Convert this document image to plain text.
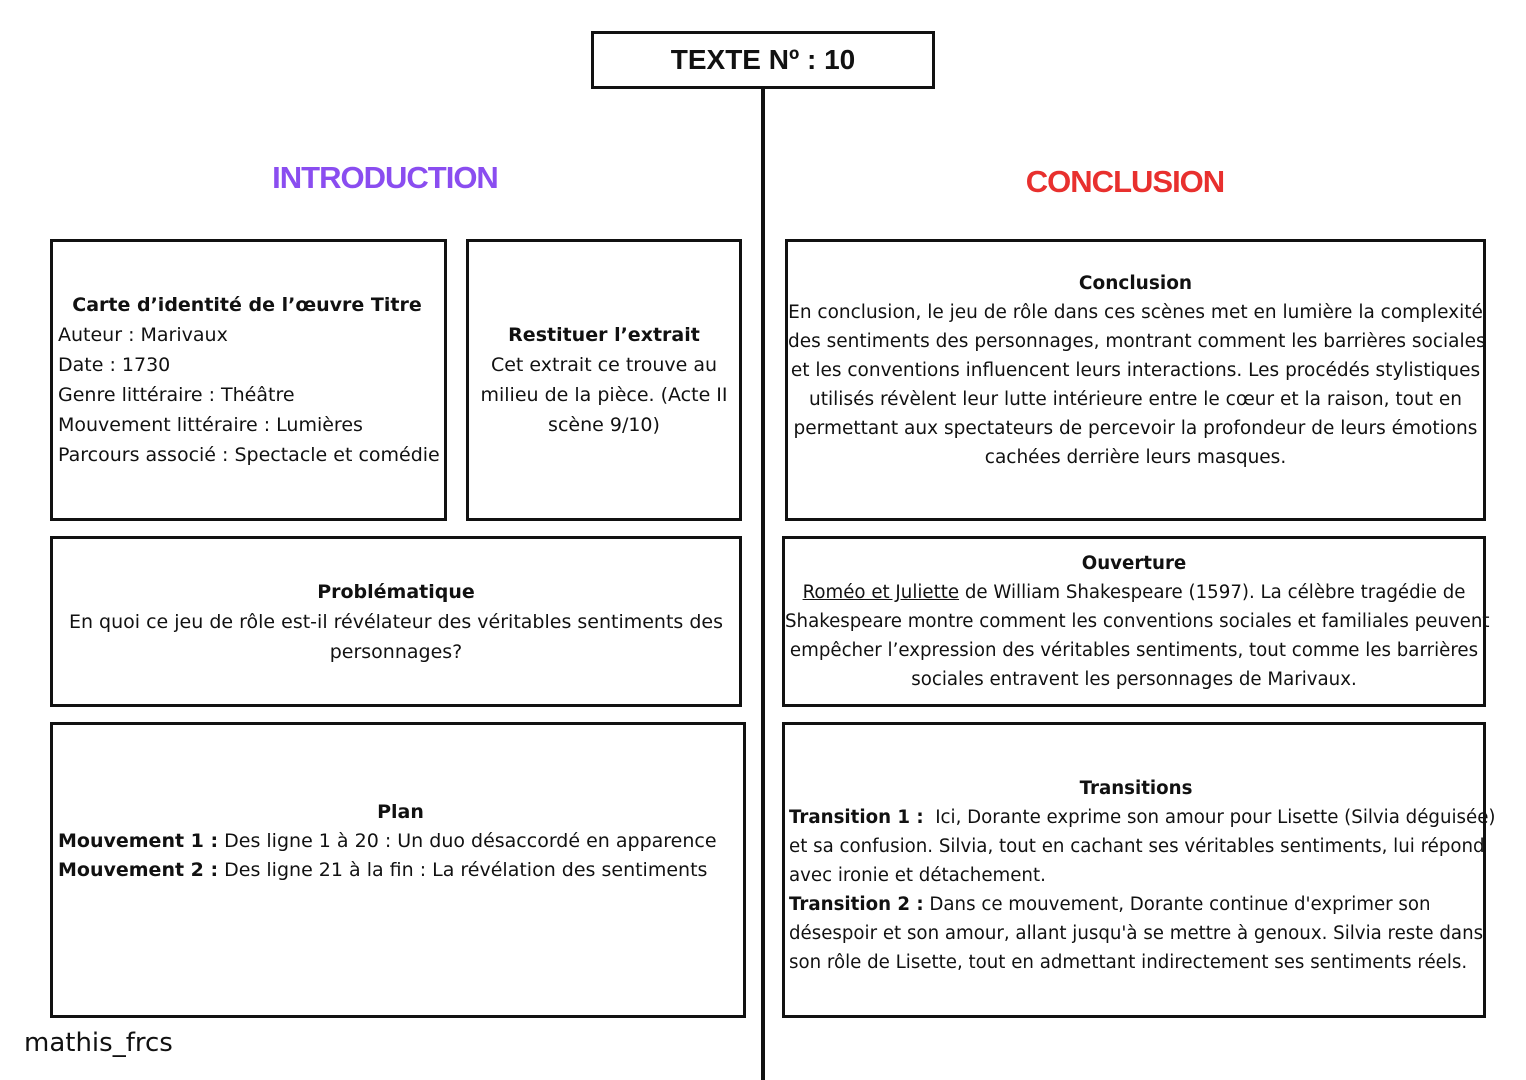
TEXTE Nº : 10
INTRODUCTION	CONCLUSION
Carte d’identité de l’œuvre Titre
Auteur : Marivaux
Date : 1730
Genre littéraire : Théâtre
Mouvement littéraire : Lumières
Parcours associé : Spectacle et comédie
Restituer l’extrait
Cet extrait ce trouve au
milieu de la pièce. (Acte II
scène 9/10)
Problématique
En quoi ce jeu de rôle est-il révélateur des véritables sentiments des
personnages?
Plan
Mouvement 1 : Des ligne 1 à 20 : Un duo désaccordé en apparence
Mouvement 2 : Des ligne 21 à la fin : La révélation des sentiments
Conclusion
En conclusion, le jeu de rôle dans ces scènes met en lumière la complexité
des sentiments des personnages, montrant comment les barrières sociales
et les conventions influencent leurs interactions. Les procédés stylistiques
utilisés révèlent leur lutte intérieure entre le cœur et la raison, tout en
permettant aux spectateurs de percevoir la profondeur de leurs émotions
cachées derrière leurs masques.
Ouverture
Roméo et Juliette de William Shakespeare (1597). La célèbre tragédie de
Shakespeare montre comment les conventions sociales et familiales peuvent
empêcher l’expression des véritables sentiments, tout comme les barrières
sociales entravent les personnages de Marivaux.
Transitions
Transition 1 :  Ici, Dorante exprime son amour pour Lisette (Silvia déguisée)
et sa confusion. Silvia, tout en cachant ses véritables sentiments, lui répond
avec ironie et détachement.
Transition 2 : Dans ce mouvement, Dorante continue d'exprimer son
désespoir et son amour, allant jusqu'à se mettre à genoux. Silvia reste dans
son rôle de Lisette, tout en admettant indirectement ses sentiments réels.
mathis_frcs
